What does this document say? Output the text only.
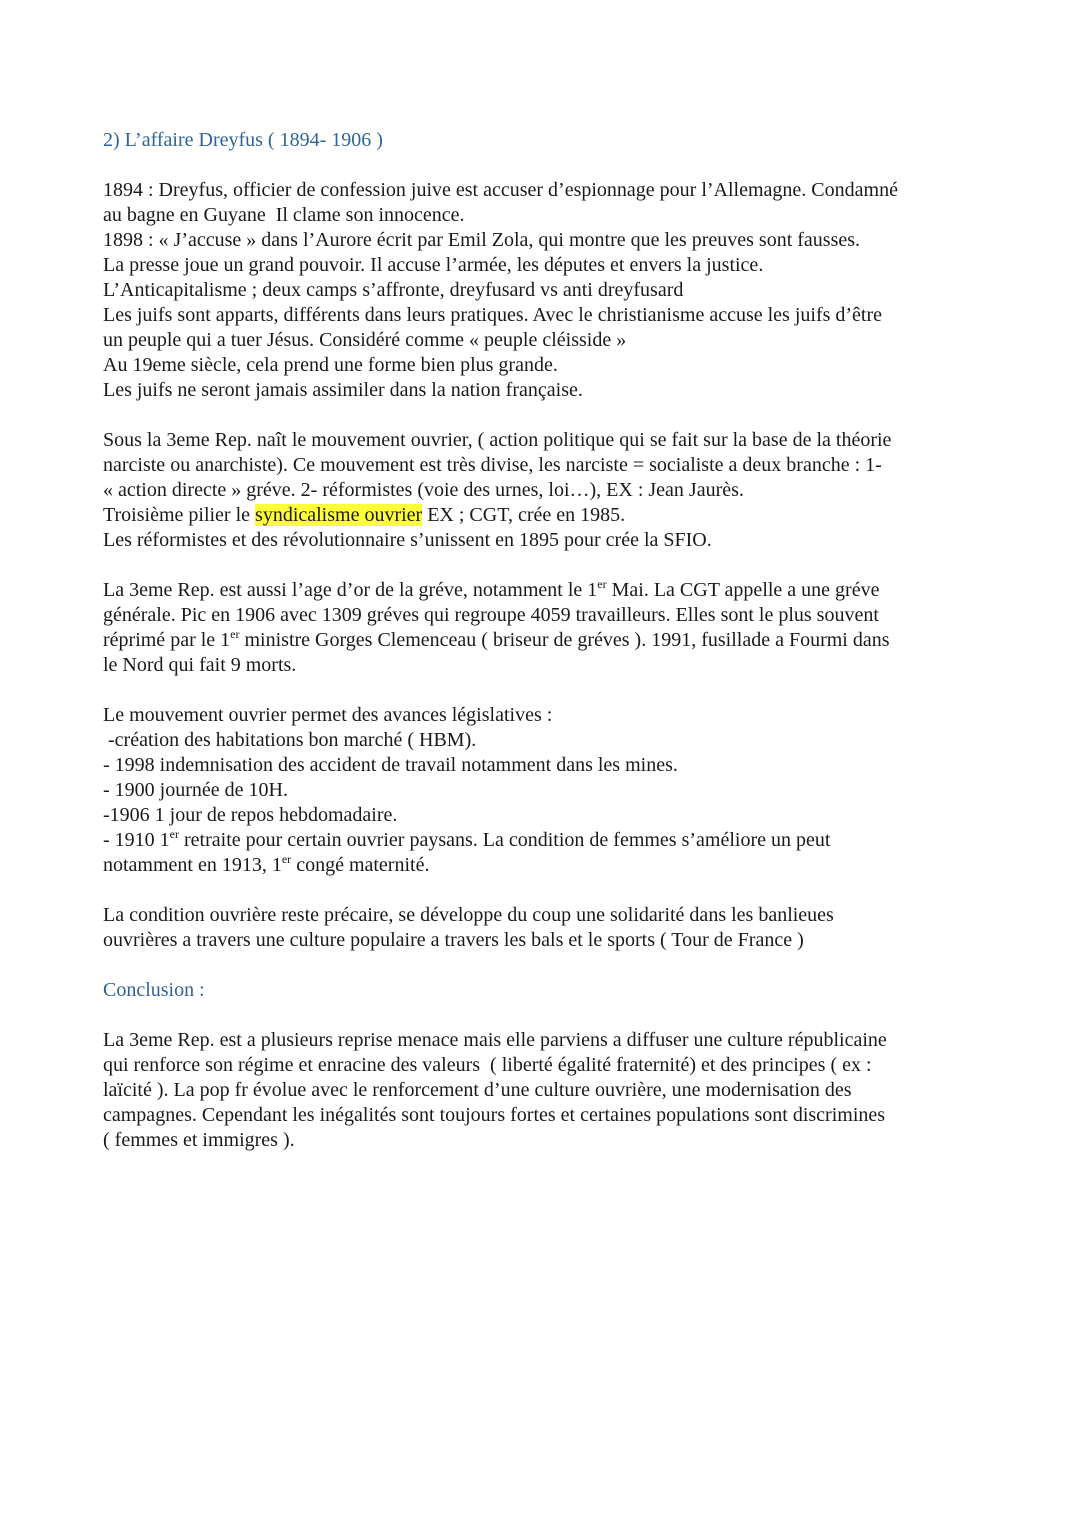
2) L’affaire Dreyfus ( 1894- 1906 )
1894 : Dreyfus, officier de confession juive est accuser d’espionnage pour l’Allemagne. Condamné
au bagne en Guyane  Il clame son innocence.
1898 : « J’accuse » dans l’Aurore écrit par Emil Zola, qui montre que les preuves sont fausses.
La presse joue un grand pouvoir. Il accuse l’armée, les députes et envers la justice.
L’Anticapitalisme ; deux camps s’affronte, dreyfusard vs anti dreyfusard
Les juifs sont apparts, différents dans leurs pratiques. Avec le christianisme accuse les juifs d’être
un peuple qui a tuer Jésus. Considéré comme « peuple cléisside »
Au 19eme siècle, cela prend une forme bien plus grande.
Les juifs ne seront jamais assimiler dans la nation française.
Sous la 3eme Rep. naît le mouvement ouvrier, ( action politique qui se fait sur la base de la théorie
narciste ou anarchiste). Ce mouvement est très divise, les narciste = socialiste a deux branche : 1-
« action directe » gréve. 2- réformistes (voie des urnes, loi…), EX : Jean Jaurès.
Troisième pilier le syndicalisme ouvrier EX ; CGT, crée en 1985.
Les réformistes et des révolutionnaire s’unissent en 1895 pour crée la SFIO.
La 3eme Rep. est aussi l’age d’or de la gréve, notamment le 1er Mai. La CGT appelle a une gréve
générale. Pic en 1906 avec 1309 gréves qui regroupe 4059 travailleurs. Elles sont le plus souvent
réprimé par le 1er ministre Gorges Clemenceau ( briseur de gréves ). 1991, fusillade a Fourmi dans
le Nord qui fait 9 morts.
Le mouvement ouvrier permet des avances législatives :
-création des habitations bon marché ( HBM).
- 1998 indemnisation des accident de travail notamment dans les mines.
- 1900 journée de 10H.
-1906 1 jour de repos hebdomadaire.
- 1910 1er retraite pour certain ouvrier paysans. La condition de femmes s’améliore un peut
notamment en 1913, 1er congé maternité.
La condition ouvrière reste précaire, se développe du coup une solidarité dans les banlieues
ouvrières a travers une culture populaire a travers les bals et le sports ( Tour de France )
Conclusion :
La 3eme Rep. est a plusieurs reprise menace mais elle parviens a diffuser une culture républicaine
qui renforce son régime et enracine des valeurs  ( liberté égalité fraternité) et des principes ( ex :
laïcité ). La pop fr évolue avec le renforcement d’une culture ouvrière, une modernisation des
campagnes. Cependant les inégalités sont toujours fortes et certaines populations sont discrimines
( femmes et immigres ).
